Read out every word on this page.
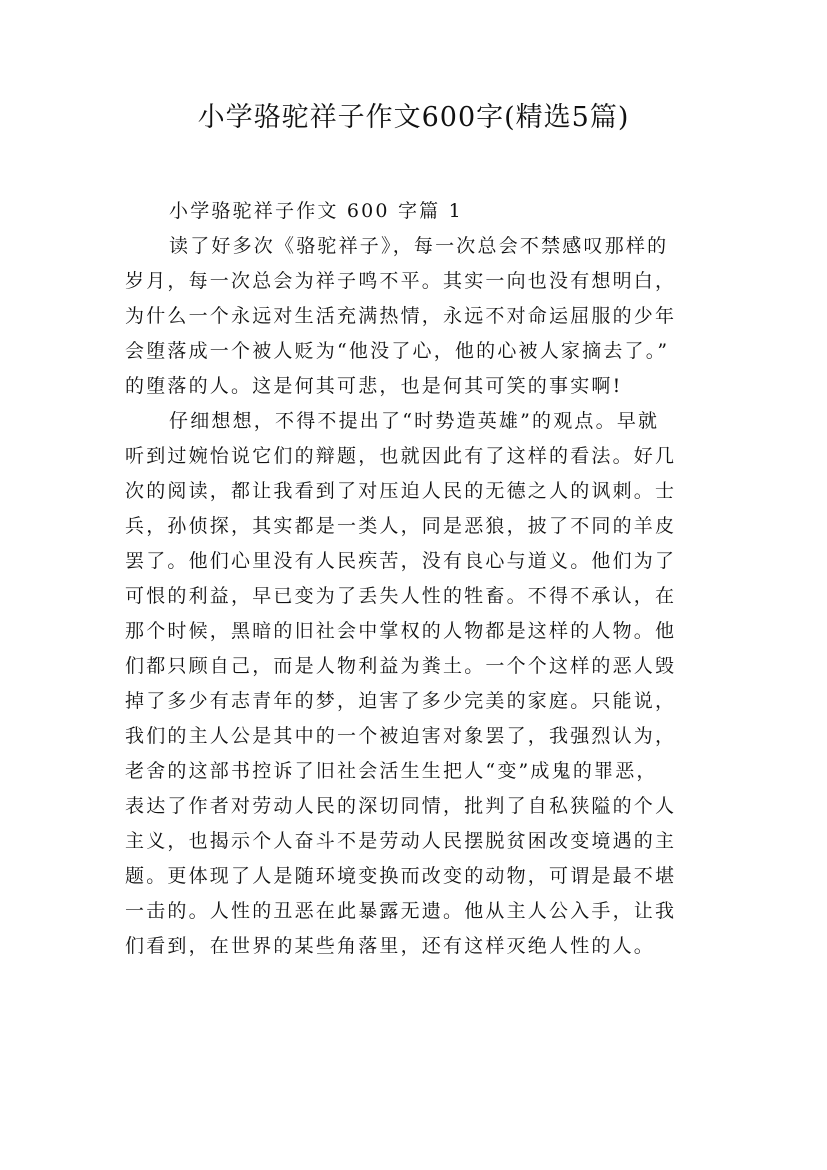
小学骆驼祥子作文600字(精选5篇)
小学骆驼祥子作文 600 字篇 1
读了好多次《骆驼祥子》，每一次总会不禁感叹那样的
岁月，每一次总会为祥子鸣不平。其实一向也没有想明白，
为什么一个永远对生活充满热情，永远不对命运屈服的少年
会堕落成一个被人贬为“他没了心，他的心被人家摘去了。”
的堕落的人。这是何其可悲，也是何其可笑的事实啊!
仔细想想，不得不提出了“时势造英雄”的观点。早就
听到过婉怡说它们的辩题，也就因此有了这样的看法。好几
次的阅读，都让我看到了对压迫人民的无德之人的讽刺。士
兵，孙侦探，其实都是一类人，同是恶狼，披了不同的羊皮
罢了。他们心里没有人民疾苦，没有良心与道义。他们为了
可恨的利益，早已变为了丢失人性的牲畜。不得不承认，在
那个时候，黑暗的旧社会中掌权的人物都是这样的人物。他
们都只顾自己，而是人物利益为粪土。一个个这样的恶人毁
掉了多少有志青年的梦，迫害了多少完美的家庭。只能说，
我们的主人公是其中的一个被迫害对象罢了，我强烈认为，
老舍的这部书控诉了旧社会活生生把人“变”成鬼的罪恶，
表达了作者对劳动人民的深切同情，批判了自私狭隘的个人
主义，也揭示个人奋斗不是劳动人民摆脱贫困改变境遇的主
题。更体现了人是随环境变换而改变的动物，可谓是最不堪
一击的。人性的丑恶在此暴露无遗。他从主人公入手，让我
们看到，在世界的某些角落里，还有这样灭绝人性的人。
